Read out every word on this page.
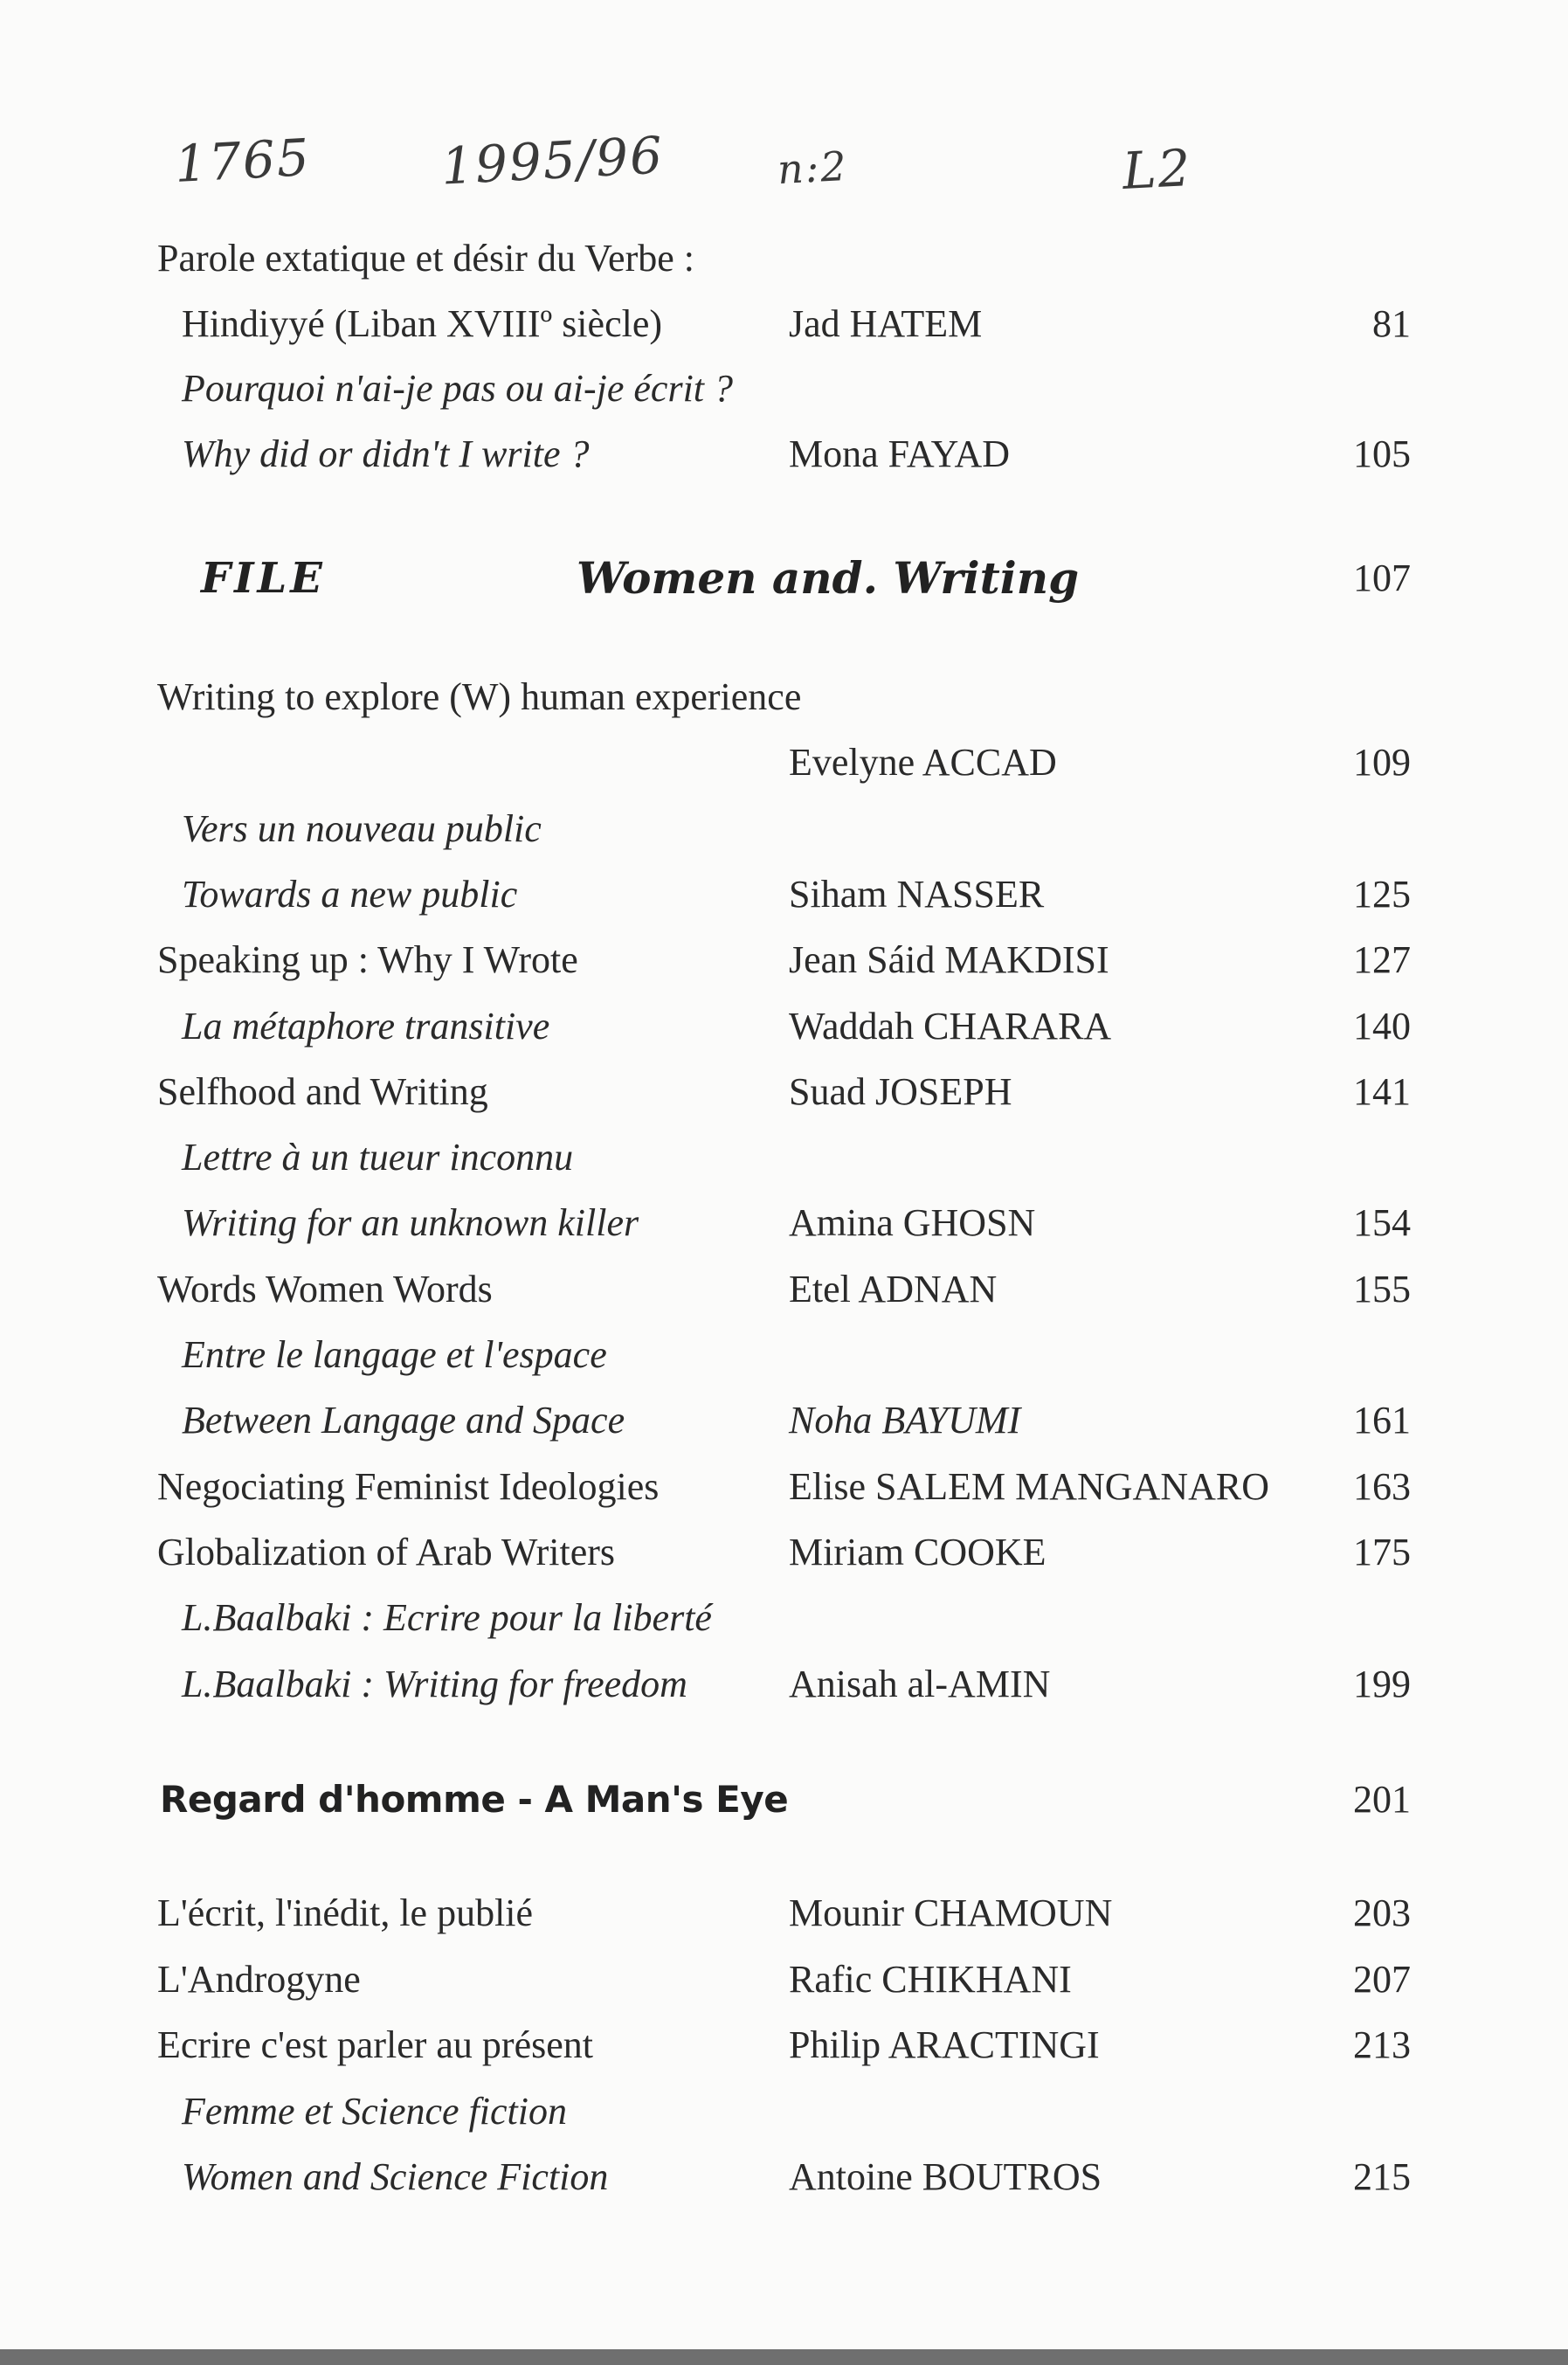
1765	1995/96	n:2	L2
Parole extatique et désir du Verbe :
Hindiyyé (Liban XVIIIº siècle)	Jad HATEM	81
Pourquoi n'ai-je pas ou ai-je écrit ?
Why did or didn't I write ?	Mona FAYAD	105
FILE	Women and. Writing	107
Writing to explore (W) human experience
Evelyne ACCAD	109
Vers un nouveau public
Towards a new public	Siham NASSER	125
Speaking up : Why I Wrote	Jean Sáid MAKDISI	127
La métaphore transitive	Waddah CHARARA	140
Selfhood and Writing	Suad JOSEPH	141
Lettre à un tueur inconnu
Writing for an unknown killer	Amina GHOSN	154
Words Women Words	Etel ADNAN	155
Entre le langage et l'espace
Between Langage and Space	Noha BAYUMI	161
Negociating Feminist Ideologies	Elise SALEM MANGANARO	163
Globalization of Arab Writers	Miriam COOKE	175
L.Baalbaki : Ecrire pour la liberté
L.Baalbaki : Writing for freedom	Anisah al-AMIN	199
Regard d'homme - A Man's Eye	201
L'écrit, l'inédit, le publié	Mounir CHAMOUN	203
L'Androgyne	Rafic CHIKHANI	207
Ecrire c'est parler au présent	Philip ARACTINGI	213
Femme et Science fiction
Women and Science Fiction	Antoine BOUTROS	215
